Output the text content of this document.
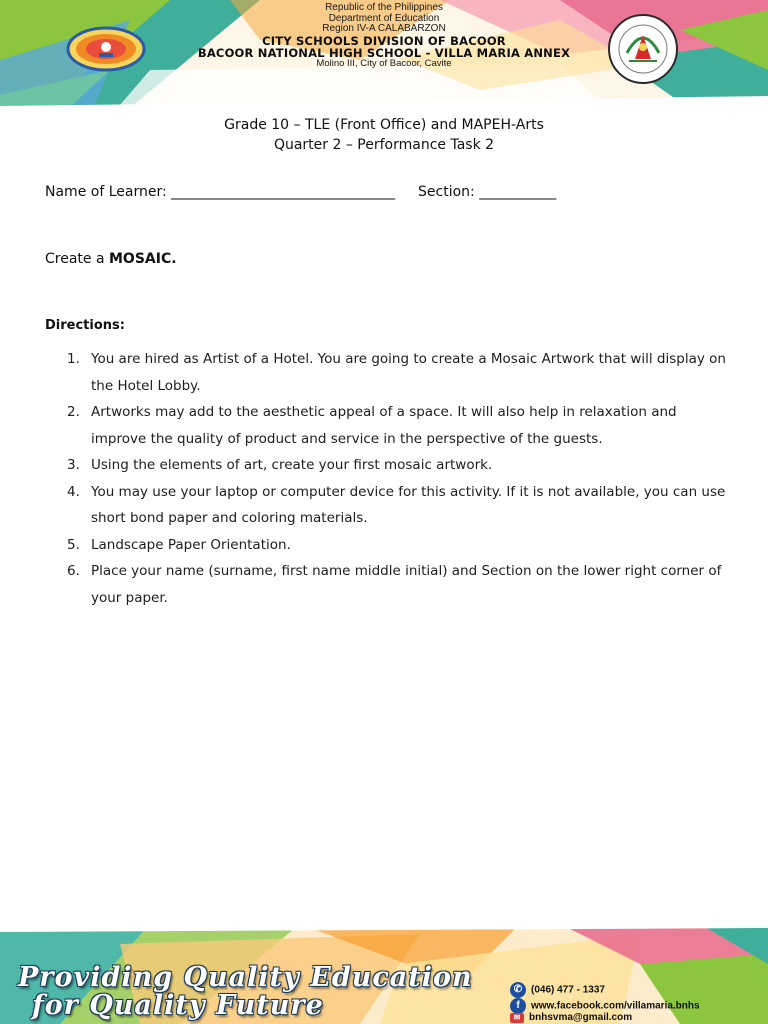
Republic of the Philippines
Department of Education
Region IV-A CALABARZON
CITY SCHOOLS DIVISION OF BACOOR
BACOOR NATIONAL HIGH SCHOOL - VILLA MARIA ANNEX
Molino III, City of Bacoor, Cavite
Grade 10 – TLE (Front Office) and MAPEH-Arts
Quarter 2 – Performance Task 2
Name of Learner: ________________________________ Section: ___________
Create a MOSAIC.
Directions:
1. You are hired as Artist of a Hotel. You are going to create a Mosaic Artwork that will display on the Hotel Lobby.
2. Artworks may add to the aesthetic appeal of a space. It will also help in relaxation and improve the quality of product and service in the perspective of the guests.
3. Using the elements of art, create your first mosaic artwork.
4. You may use your laptop or computer device for this activity. If it is not available, you can use short bond paper and coloring materials.
5. Landscape Paper Orientation.
6. Place your name (surname, first name middle initial) and Section on the lower right corner of your paper.
Providing Quality Education
for Quality Future
✆ (046) 477 - 1337
f www.facebook.com/villamaria.bnhs
✉ bnhsvma@gmail.com
